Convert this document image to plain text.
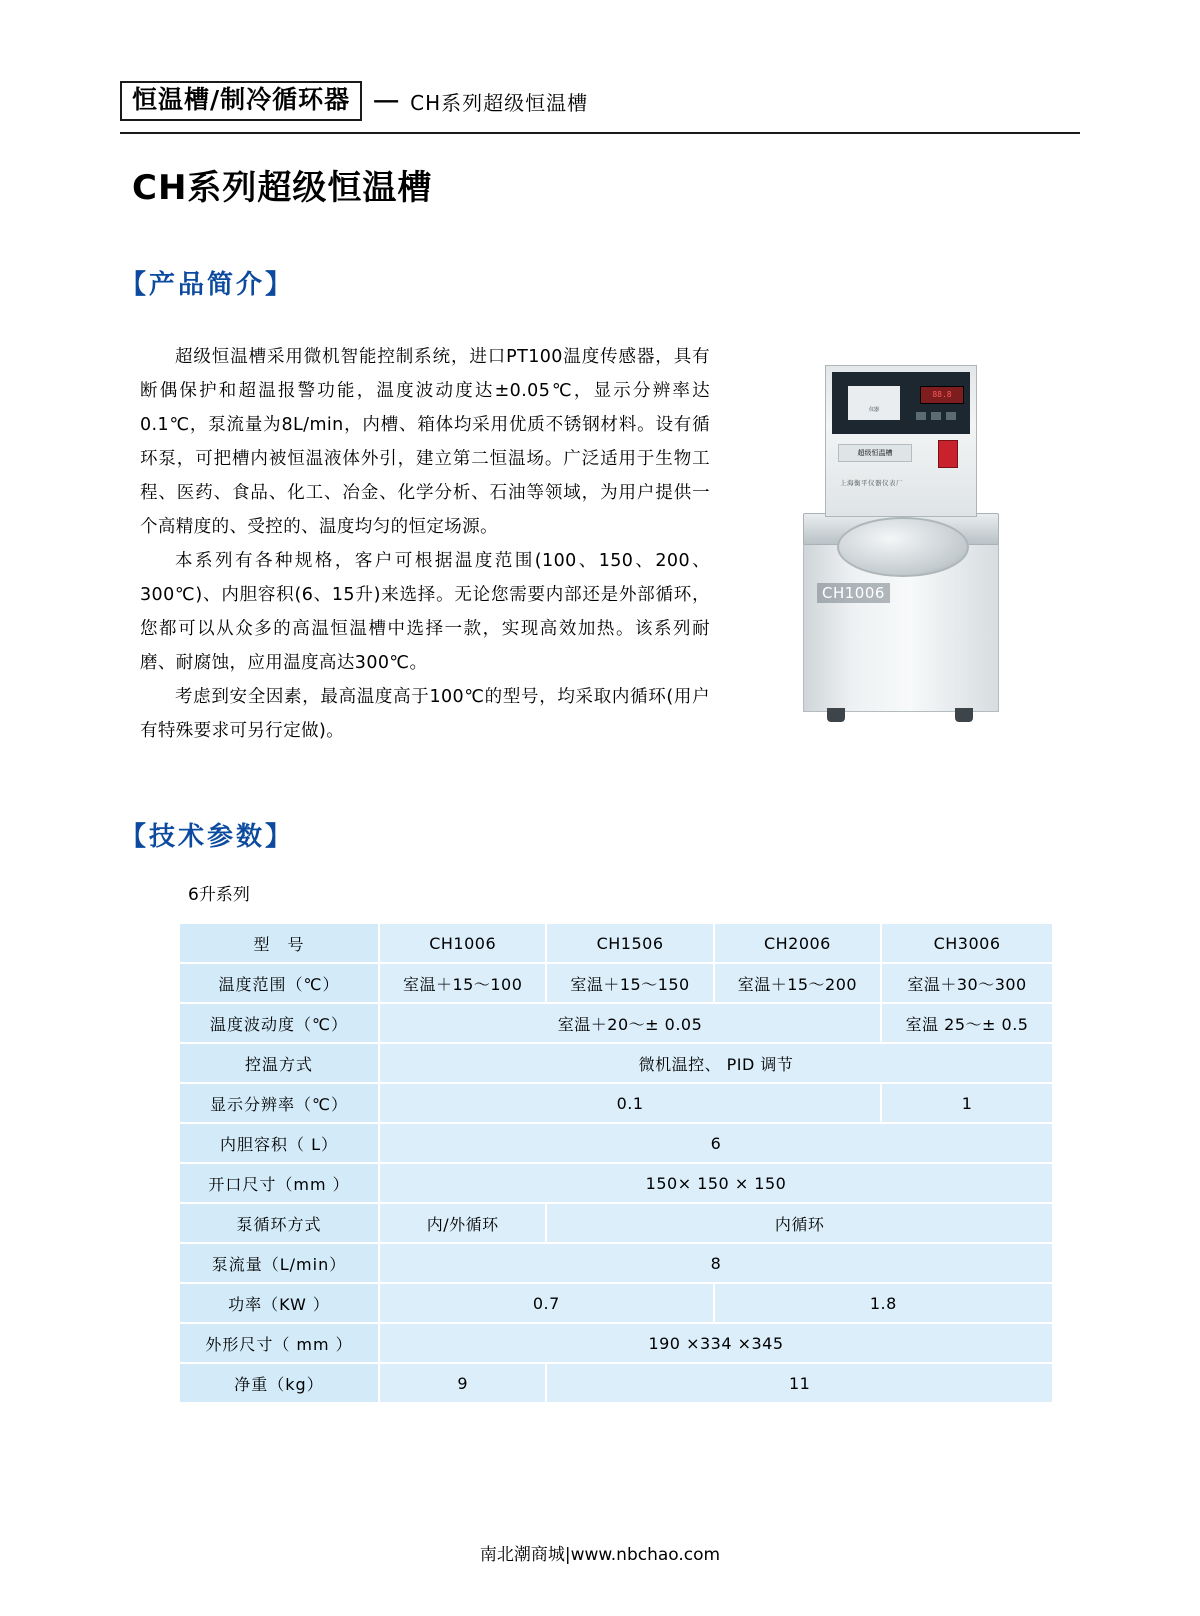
恒温槽/制冷循环器	— CH系列超级恒温槽
CH系列超级恒温槽
【产品简介】

超级恒温槽采用微机智能控制系统，进口PT100温度传感器，具有断偶保护和超温报警功能，温度波动度达±0.05℃，显示分辨率达0.1℃，泵流量为8L/min，内槽、箱体均采用优质不锈钢材料。设有循环泵，可把槽内被恒温液体外引，建立第二恒温场。广泛适用于生物工程、医药、食品、化工、冶金、化学分析、石油等领域，为用户提供一个高精度的、受控的、温度均匀的恒定场源。

本系列有各种规格，客户可根据温度范围(100、150、200、300℃)、内胆容积(6、15升)来选择。无论您需要内部还是外部循环，您都可以从众多的高温恒温槽中选择一款，实现高效加热。该系列耐磨、耐腐蚀，应用温度高达300℃。

考虑到安全因素，最高温度高于100℃的型号，均采取内循环(用户有特殊要求可另行定做)。

仪器
88.8
超级恒温槽
上海衡平仪器仪表厂
CH1006
【技术参数】
6升系列
型　号	CH1006	CH1506	CH2006	CH3006
温度范围（℃）	室温＋15～100	室温＋15～150	室温＋15～200	室温＋30～300
温度波动度（℃）	室温＋20～± 0.05			室温 25～± 0.5
控温方式	微机温控、 PID 调节			
显示分辨率（℃）	0.1			1
内胆容积（ L）	6			
开口尺寸（mm ）	150× 150 × 150			
泵循环方式	内/外循环	内循环		
泵流量（L/min）	8			
功率（KW ）	0.7		1.8	
外形尺寸（ mm ）	190 ×334 ×345			
净重（kg）	9	11		
南北潮商城|www.nbchao.com
